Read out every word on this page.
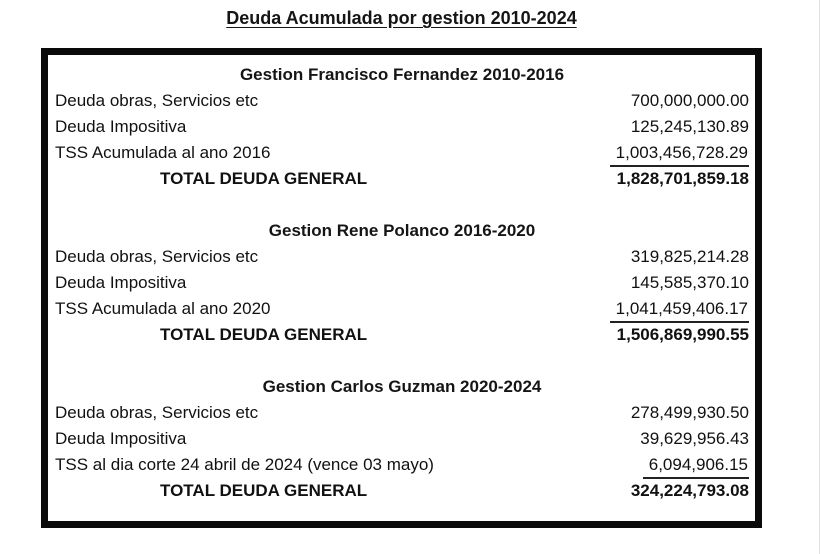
Deuda Acumulada por gestion 2010-2024
Gestion Francisco Fernandez 2010-2016
Deuda obras, Servicios etc	700,000,000.00
Deuda Impositiva	125,245,130.89
TSS Acumulada al ano 2016	1,003,456,728.29
TOTAL DEUDA GENERAL	1,828,701,859.18
Gestion Rene Polanco 2016-2020
Deuda obras, Servicios etc	319,825,214.28
Deuda Impositiva	145,585,370.10
TSS Acumulada al ano 2020	1,041,459,406.17
TOTAL DEUDA GENERAL	1,506,869,990.55
Gestion Carlos Guzman 2020-2024
Deuda obras, Servicios etc	278,499,930.50
Deuda Impositiva	39,629,956.43
TSS al dia corte 24 abril de 2024 (vence 03 mayo)	6,094,906.15
TOTAL DEUDA GENERAL	324,224,793.08
